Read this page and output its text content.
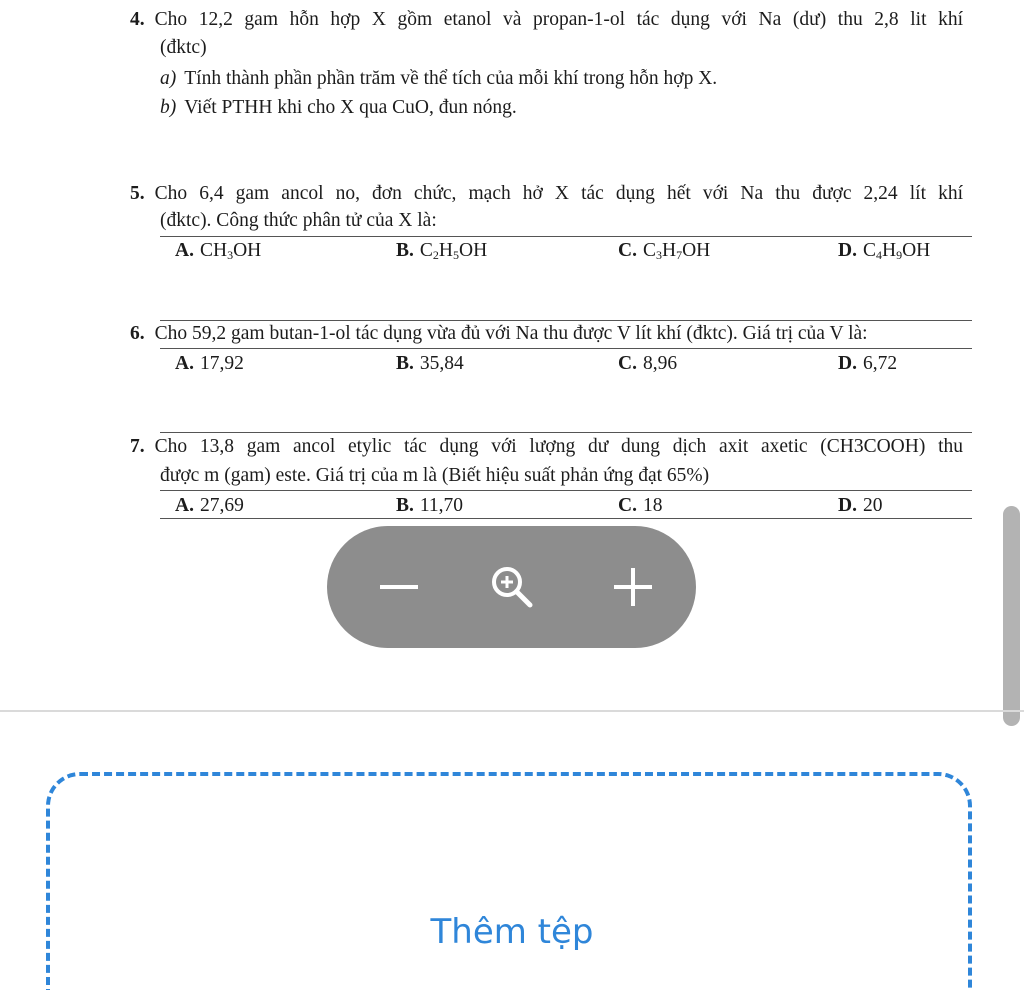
4. Cho 12,2 gam hỗn hợp X gồm etanol và propan-1-ol tác dụng với Na (dư) thu 2,8 lit khí
(đktc)
a) Tính thành phần phần trăm về thể tích của mỗi khí trong hỗn hợp X.
b) Viết PTHH khi cho X qua CuO, đun nóng.
5. Cho 6,4 gam ancol no, đơn chức, mạch hở X tác dụng hết với Na thu được 2,24 lít khí
(đktc). Công thức phân tử của X là:
A. $CH_3OH$	B. $C_2H_5OH$	C. $C_3H_7OH$	D. $C_4H_9OH$
6. Cho 59,2 gam butan-1-ol tác dụng vừa đủ với Na thu được V lít khí (đktc). Giá trị của V là:
A. 17,92	B. 35,84	C. 8,96	D. 6,72
7. Cho 13,8 gam ancol etylic tác dụng với lượng dư dung dịch axit axetic (CH3COOH) thu
được m (gam) este. Giá trị của m là (Biết hiệu suất phản ứng đạt 65%)
A. 27,69	B. 11,70	C. 18	D. 20
Thêm tệp
